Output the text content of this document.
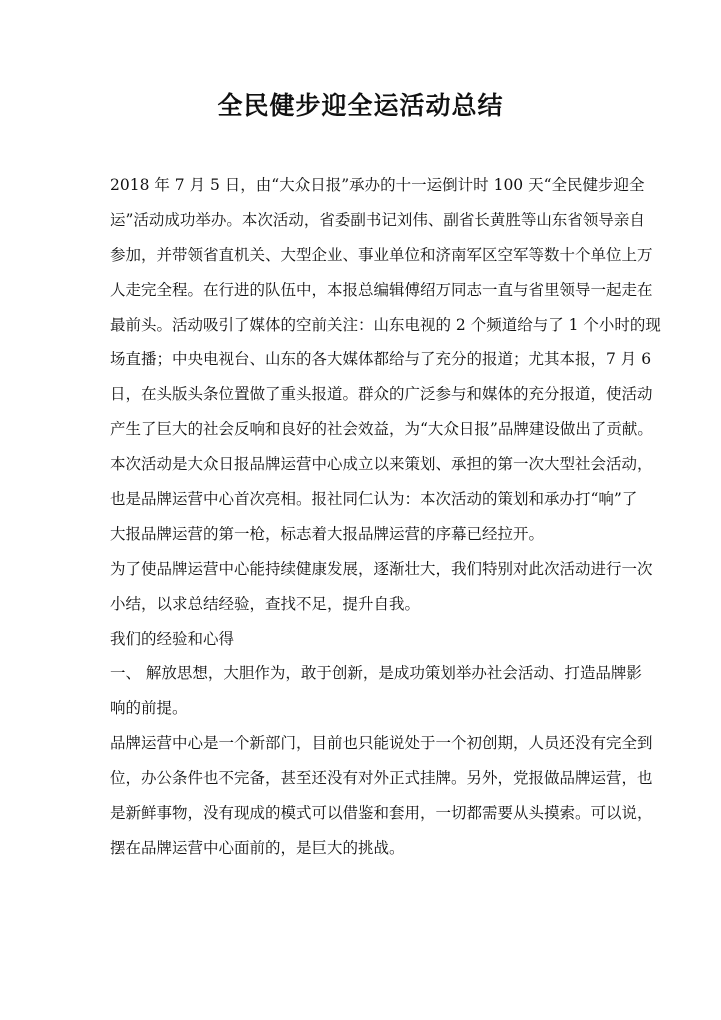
全民健步迎全运活动总结
2018 年 7 月 5 日，由“大众日报”承办的十一运倒计时 100 天“全民健步迎全
运”活动成功举办。本次活动，省委副书记刘伟、副省长黄胜等山东省领导亲自
参加，并带领省直机关、大型企业、事业单位和济南军区空军等数十个单位上万
人走完全程。在行进的队伍中，本报总编辑傅绍万同志一直与省里领导一起走在
最前头。活动吸引了媒体的空前关注：山东电视的 2 个频道给与了 1 个小时的现
场直播；中央电视台、山东的各大媒体都给与了充分的报道；尤其本报，7 月 6
日，在头版头条位置做了重头报道。群众的广泛参与和媒体的充分报道，使活动
产生了巨大的社会反响和良好的社会效益，为“大众日报”品牌建设做出了贡献。
本次活动是大众日报品牌运营中心成立以来策划、承担的第一次大型社会活动，
也是品牌运营中心首次亮相。报社同仁认为：本次活动的策划和承办打“响”了
大报品牌运营的第一枪，标志着大报品牌运营的序幕已经拉开。
为了使品牌运营中心能持续健康发展，逐渐壮大，我们特别对此次活动进行一次
小结，以求总结经验，查找不足，提升自我。
我们的经验和心得
一、 解放思想，大胆作为，敢于创新，是成功策划举办社会活动、打造品牌影
响的前提。
品牌运营中心是一个新部门，目前也只能说处于一个初创期，人员还没有完全到
位，办公条件也不完备，甚至还没有对外正式挂牌。另外，党报做品牌运营，也
是新鲜事物，没有现成的模式可以借鉴和套用，一切都需要从头摸索。可以说，
摆在品牌运营中心面前的，是巨大的挑战。
